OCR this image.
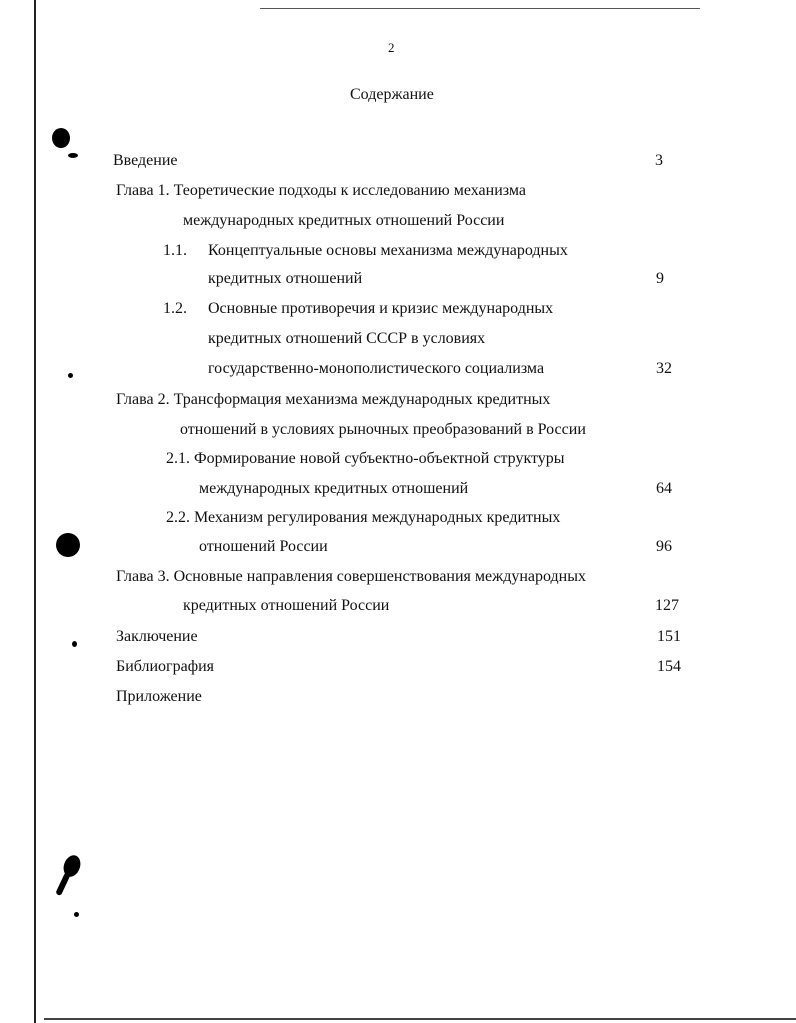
2
Содержание
Введение	3
Глава 1. Теоретические подходы к исследованию механизма
международных кредитных отношений России
1.1. Концептуальные основы механизма международных
кредитных отношений	9
1.2. Основные противоречия и кризис международных
кредитных отношений СССР в условиях
государственно-монополистического социализма	32
Глава 2. Трансформация механизма международных кредитных
отношений в условиях рыночных преобразований в России
2.1. Формирование новой субъектно-объектной структуры
международных кредитных отношений	64
2.2. Механизм регулирования международных кредитных
отношений России	96
Глава 3. Основные направления совершенствования международных
кредитных отношений России	127
Заключение	151
Библиография	154
Приложение
